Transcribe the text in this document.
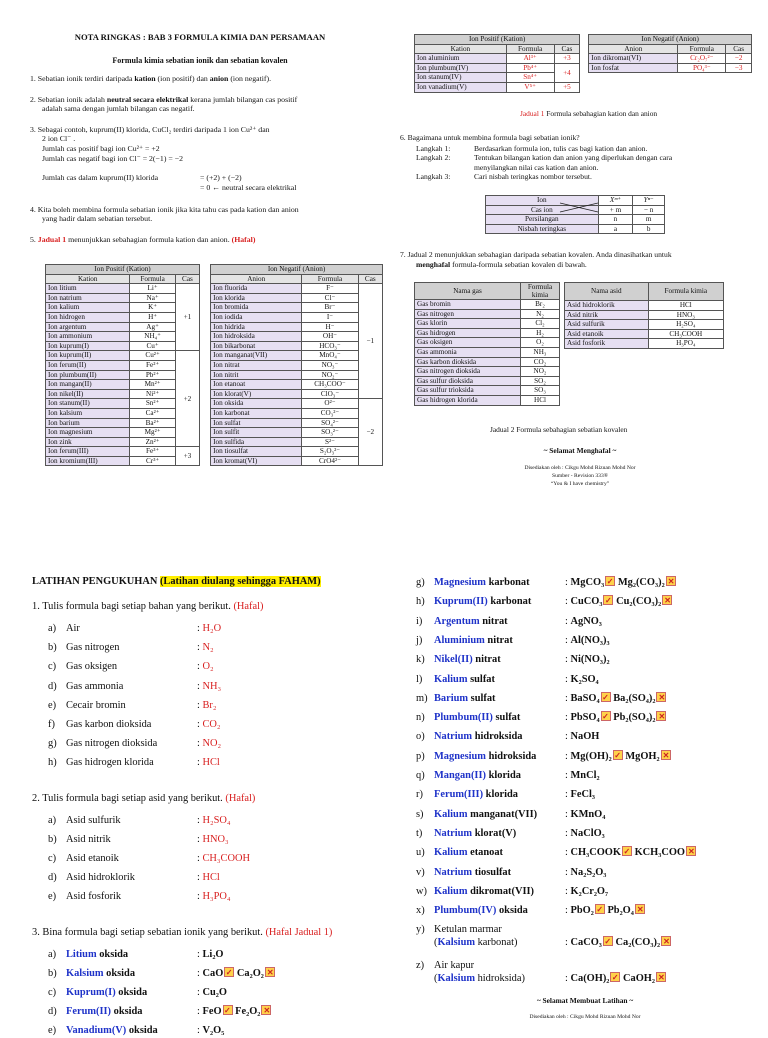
NOTA RINGKAS : BAB 3 FORMULA KIMIA DAN PERSAMAAN
Formula kimia sebatian ionik dan sebatian kovalen
1. Sebatian ionik terdiri daripada kation (ion positif) dan anion (ion negatif).
2. Sebatian ionik adalah neutral secara elektrikal kerana jumlah bilangan cas positif
adalah sama dengan jumlah bilangan cas negatif.
3. Sebagai contoh, kuprum(II) klorida, CuCl₂ terdiri daripada 1 ion Cu²⁺ dan
2 ion Cl⁻ .
Jumlah cas positif bagi ion Cu²⁺ = +2
Jumlah cas negatif bagi ion Cl⁻ = 2(−1) = −2
Jumlah cas dalam kuprum(II) klorida	= (+2) + (−2)
= 0 ← neutral secara elektrikal
4. Kita boleh membina formula sebatian ionik jika kita tahu cas pada kation dan anion
yang hadir dalam sebatian tersebut.
5. Jadual 1 menunjukkan sebahagian formula kation dan anion. (Hafal)
Ion Positif (Kation)				Ion Negatif (Anion)		
Kation	Formula	Cas		Anion	Formula	Cas
Ion litium	Li⁺	+1		Ion fluorida	F⁻	−1
Ion natrium	Na⁺			Ion klorida	Cl⁻	
Ion kalium	K⁺			Ion bromida	Br⁻	
Ion hidrogen	H⁺			Ion iodida	I⁻	
Ion argentum	Ag⁺			Ion hidrida	H⁻	
Ion ammonium	NH₄⁺			Ion hidroksida	OH⁻	
Ion kuprum(I)	Cu⁺			Ion bikarbonat	HCO₃⁻	
Ion kuprum(II)	Cu²⁺	+2		Ion manganat(VII)	MnO₄⁻	
Ion ferum(II)	Fe²⁺			Ion nitrat	NO₃⁻	
Ion plumbum(II)	Pb²⁺			Ion nitrit	NO₂⁻	
Ion mangan(II)	Mn²⁺			Ion etanoat	CH₃COO⁻	
Ion nikel(II)	Ni²⁺			Ion klorat(V)	ClO₃⁻	
Ion stanum(II)	Sn²⁺			Ion oksida	O²⁻	−2
Ion kalsium	Ca²⁺			Ion karbonat	CO₃²⁻	
Ion barium	Ba²⁺			Ion sulfat	SO₄²⁻	
Ion magnesium	Mg²⁺			Ion sulfit	SO₃²⁻	
Ion zink	Zn²⁺			Ion sulfida	S²⁻	
Ion ferum(III)	Fe³⁺	+3		Ion tiosulfat	S₂O₃²⁻	
Ion kromium(III)	Cr³⁺			Ion kromat(VI)	CrO4²⁻	
Ion Positif (Kation)				Ion Negatif (Anion)		
Kation	Formula	Cas		Anion	Formula	Cas
Ion aluminium	Al³⁺	+3		Ion dikromat(VI)	Cr₂O₇²⁻	−2
Ion plumbum(IV)	Pb⁴⁺	+4		Ion fosfat	PO₄³⁻	−3
Ion stanum(IV)	Sn⁴⁺					
Ion vanadium(V)	V⁵⁺	+5				
Jadual 1 Formula sebahagian kation dan anion
6. Bagaimana untuk membina formula bagi sebatian ionik?
Langkah 1:	Berdasarkan formula ion, tulis cas bagi kation dan anion.
Langkah 2:	Tentukan bilangan kation dan anion yang diperlukan dengan cara
menyilangkan nilai cas kation dan anion.
Langkah 3:	Cari nisbah teringkas nombor tersebut.
Ion	Xᵐ⁺	Yⁿ⁻
Cas ion	+ m	− n
Persilangan	n	m
Nisbah teringkas	a	b
7. Jadual 2 menunjukkan sebahagian daripada sebatian kovalen. Anda dinasihatkan untuk
menghafal formula-formula sebatian kovalen di bawah.
Nama gas	Formula kimia
Gas bromin	Br₂
Gas nitrogen	N₂
Gas klorin	Cl₂
Gas hidrogen	H₂
Gas oksigen	O₂
Gas ammonia	NH₃
Gas karbon dioksida	CO₂
Gas nitrogen dioksida	NO₂
Gas sulfur dioksida	SO₂
Gas sulfur trioksida	SO₃
Gas hidrogen klorida	HCl
Nama asid	Formula kimia
Asid hidroklorik	HCl
Asid nitrik	HNO₃
Asid sulfurik	H₂SO₄
Asid etanoik	CH₃COOH
Asid fosforik	H₃PO₄
Jadual 2 Formula sebahagian sebatian kovalen
~ Selamat Menghafal ~
Disediakan oleh : Cikgu Mohd Rizuan Mohd Nor
Sumber - Revision 333®
“You & I have chemistry”
LATIHAN PENGUKUHAN (Latihan diulang sehingga FAHAM)
1. Tulis formula bagi setiap bahan yang berikut. (Hafal)
a) Air	: H₂O
b) Gas nitrogen	: N₂
c) Gas oksigen	: O₂
d) Gas ammonia	: NH₃
e) Cecair bromin	: Br₂
f) Gas karbon dioksida	: CO₂
g) Gas nitrogen dioksida	: NO₂
h) Gas hidrogen klorida	: HCl
2. Tulis formula bagi setiap asid yang berikut. (Hafal)
a) Asid sulfurik	: H₂SO₄
b) Asid nitrik	: HNO₃
c) Asid etanoik	: CH₃COOH
d) Asid hidroklorik	: HCl
e) Asid fosforik	: H₃PO₄
3. Bina formula bagi setiap sebatian ionik yang berikut. (Hafal Jadual 1)
a) Litium oksida	: Li₂O
b) Kalsium oksida	: CaO ✓ Ca₂O₂✕
c) Kuprum(I) oksida	: Cu₂O
d) Ferum(II) oksida	: FeO ✓ Fe₂O₂✕
e) Vanadium(V) oksida	: V₂O₅
g) Magnesium karbonat	: MgCO₃ ✓ Mg₂(CO₃)₂✕
h) Kuprum(II) karbonat	: CuCO₃ ✓ Cu₂(CO₃)₂✕
i) Argentum nitrat	: AgNO₃
j) Aluminium nitrat	: Al(NO₃)₃
k) Nikel(II) nitrat	: Ni(NO₃)₂
l) Kalium sulfat	: K₂SO₄
m) Barium sulfat	: BaSO₄ ✓ Ba₂(SO₄)₂✕
n) Plumbum(II) sulfat	: PbSO₄ ✓ Pb₂(SO₄)₂✕
o) Natrium hidroksida	: NaOH
p) Magnesium hidroksida	: Mg(OH)₂ ✓ MgOH₂✕
q) Mangan(II) klorida	: MnCl₂
r) Ferum(III) klorida	: FeCl₃
s) Kalium manganat(VII)	: KMnO₄
t) Natrium klorat(V)	: NaClO₃
u) Kalium etanoat	: CH₃COOK ✓ KCH₃COO✕
v) Natrium tiosulfat	: Na₂S₂O₃
w) Kalium dikromat(VII)	: K₂Cr₂O₇
x) Plumbum(IV) oksida	: PbO₂ ✓ Pb₂O₄✕
y) Ketulan marmar
(Kalsium karbonat)	: CaCO₃ ✓ Ca₂(CO₃)₂✕
z) Air kapur
(Kalsium hidroksida)	: Ca(OH)₂ ✓ CaOH₂✕
~ Selamat Membuat Latihan ~
Disediakan oleh : Cikgu Mohd Rizuan Mohd Nor
